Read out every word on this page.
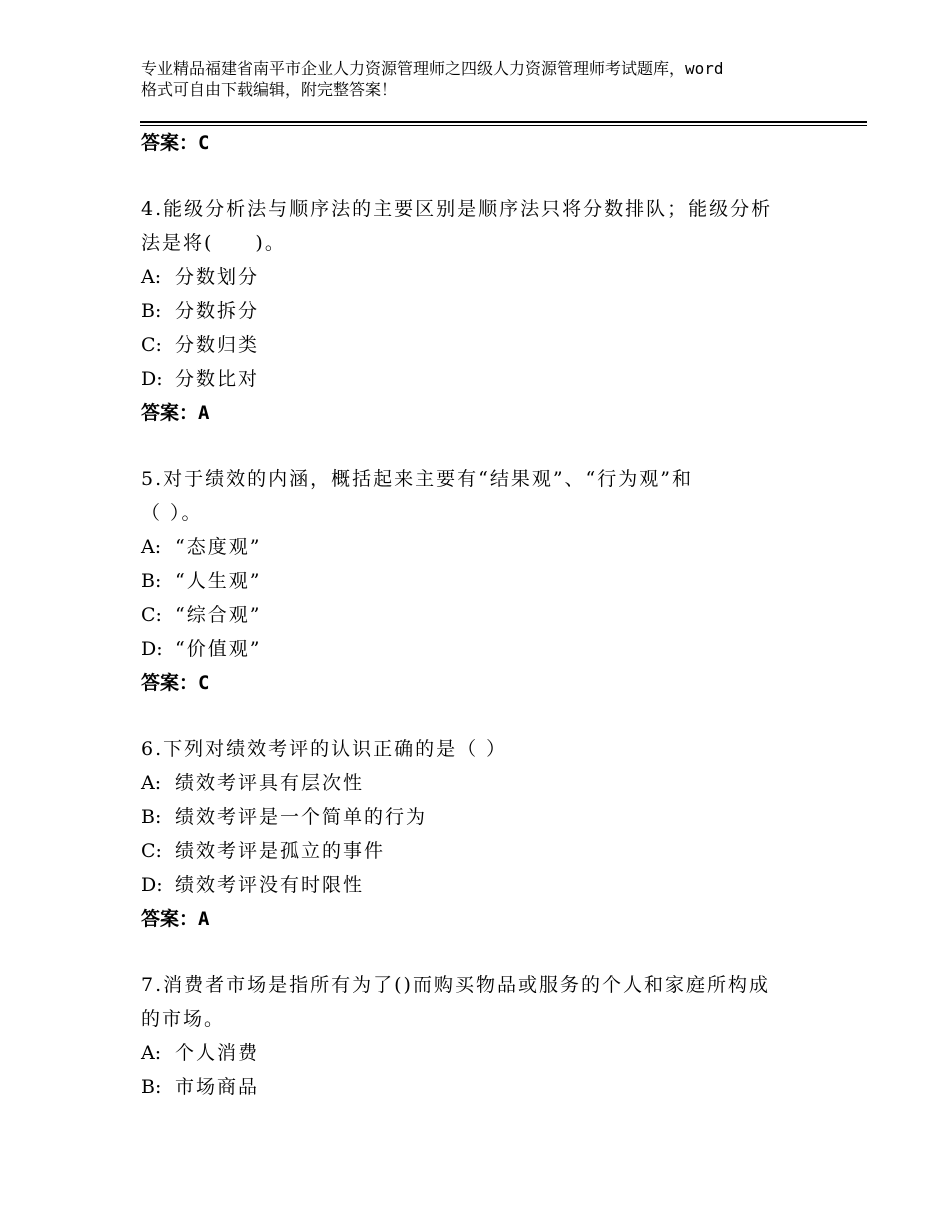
专业精品福建省南平市企业人力资源管理师之四级人力资源管理师考试题库，word
格式可自由下载编辑，附完整答案！
答案：C
4.能级分析法与顺序法的主要区别是顺序法只将分数排队；能级分析
法是将(　　)。
A: 分数划分
B: 分数拆分
C: 分数归类
D: 分数比对
答案：A
5.对于绩效的内涵，概括起来主要有“结果观”、“行为观”和
（ ）。
A: “态度观”
B: “人生观”
C: “综合观”
D: “价值观”
答案：C
6.下列对绩效考评的认识正确的是（ ）
A: 绩效考评具有层次性
B: 绩效考评是一个简单的行为
C: 绩效考评是孤立的事件
D: 绩效考评没有时限性
答案：A
7.消费者市场是指所有为了()而购买物品或服务的个人和家庭所构成
的市场。
A: 个人消费
B: 市场商品
